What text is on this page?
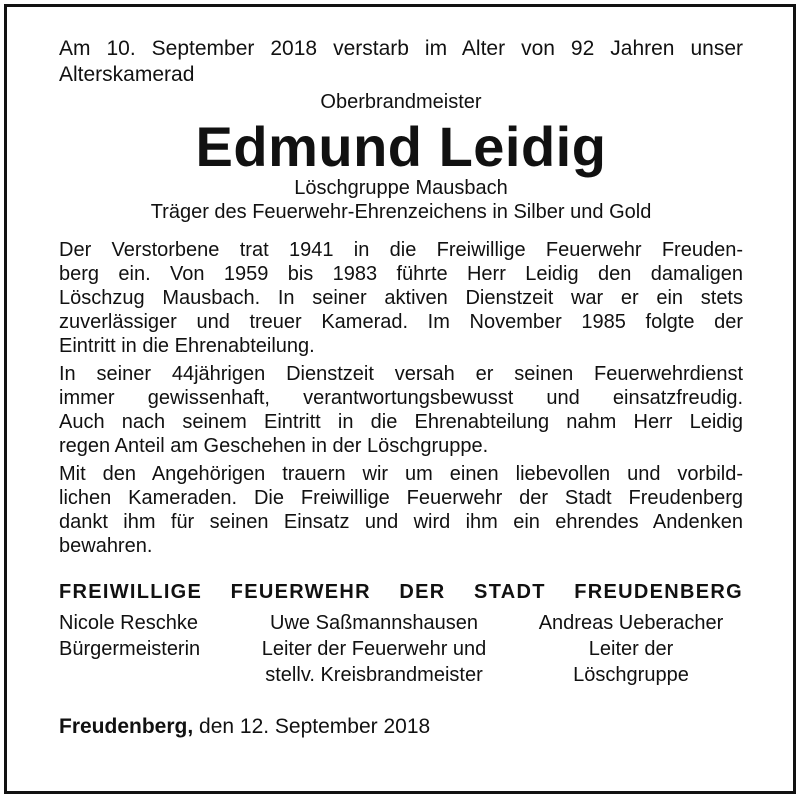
Am 10. September 2018 verstarb im Alter von 92 Jahren unser
Alterskamerad

Oberbrandmeister

Edmund Leidig

Löschgruppe Mausbach

Träger des Feuerwehr-Ehrenzeichens in Silber und Gold

Der Verstorbene trat 1941 in die Freiwillige Feuerwehr Freuden-
berg ein. Von 1959 bis 1983 führte Herr Leidig den damaligen
Löschzug Mausbach. In seiner aktiven Dienstzeit war er ein stets
zuverlässiger und treuer Kamerad. Im November 1985 folgte der
Eintritt in die Ehrenabteilung.

In seiner 44jährigen Dienstzeit versah er seinen Feuerwehrdienst
immer gewissenhaft, verantwortungsbewusst und einsatzfreudig.
Auch nach seinem Eintritt in die Ehrenabteilung nahm Herr Leidig
regen Anteil am Geschehen in der Löschgruppe.

Mit den Angehörigen trauern wir um einen liebevollen und vorbild-
lichen Kameraden. Die Freiwillige Feuerwehr der Stadt Freudenberg
dankt ihm für seinen Einsatz und wird ihm ein ehrendes Andenken
bewahren.

FREIWILLIGE FEUERWEHR DER STADT FREUDENBERG
Nicole Reschke
Bürgermeisterin
Uwe Saßmannshausen
Leiter der Feuerwehr und
stellv. Kreisbrandmeister
Andreas Ueberacher
Leiter der
Löschgruppe
Freudenberg, den 12. September 2018
